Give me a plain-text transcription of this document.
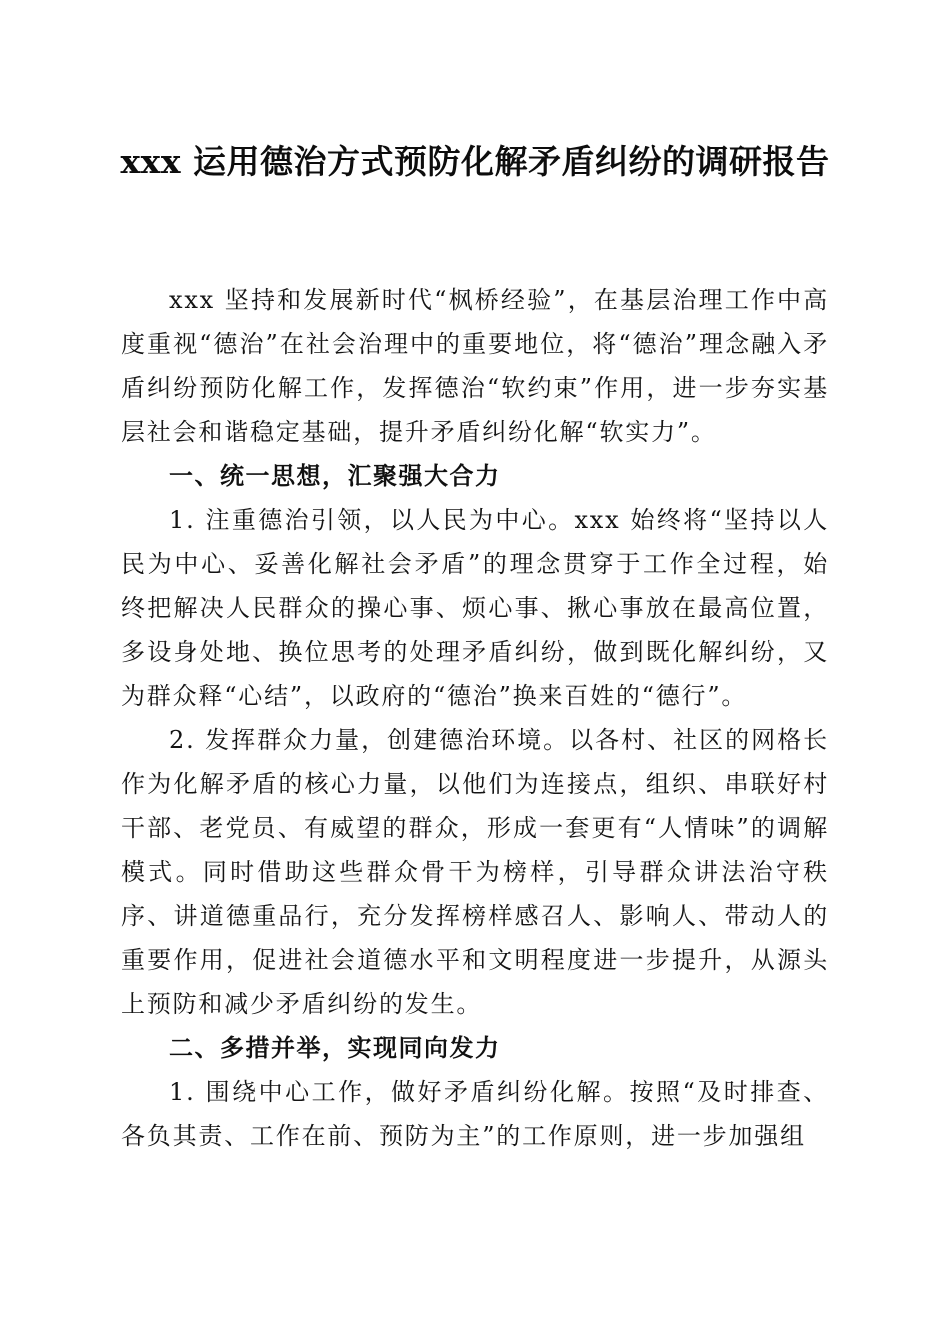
xxx 运用德治方式预防化解矛盾纠纷的调研报告

xxx 坚持和发展新时代“枫桥经验”，在基层治理工作中高度重视“德治”在社会治理中的重要地位，将“德治”理念融入矛盾纠纷预防化解工作，发挥德治“软约束”作用，进一步夯实基层社会和谐稳定基础，提升矛盾纠纷化解“软实力”。

一、统一思想，汇聚强大合力

1. 注重德治引领，以人民为中心。xxx 始终将“坚持以人民为中心、妥善化解社会矛盾”的理念贯穿于工作全过程，始终把解决人民群众的操心事、烦心事、揪心事放在最高位置，多设身处地、换位思考的处理矛盾纠纷，做到既化解纠纷，又为群众释“心结”，以政府的“德治”换来百姓的“德行”。

2. 发挥群众力量，创建德治环境。以各村、社区的网格长作为化解矛盾的核心力量，以他们为连接点，组织、串联好村干部、老党员、有威望的群众，形成一套更有“人情味”的调解模式。同时借助这些群众骨干为榜样，引导群众讲法治守秩序、讲道德重品行，充分发挥榜样感召人、影响人、带动人的重要作用，促进社会道德水平和文明程度进一步提升，从源头上预防和减少矛盾纠纷的发生。

二、多措并举，实现同向发力

1. 围绕中心工作，做好矛盾纠纷化解。按照“及时排查、各负其责、工作在前、预防为主”的工作原则，进一步加强组
